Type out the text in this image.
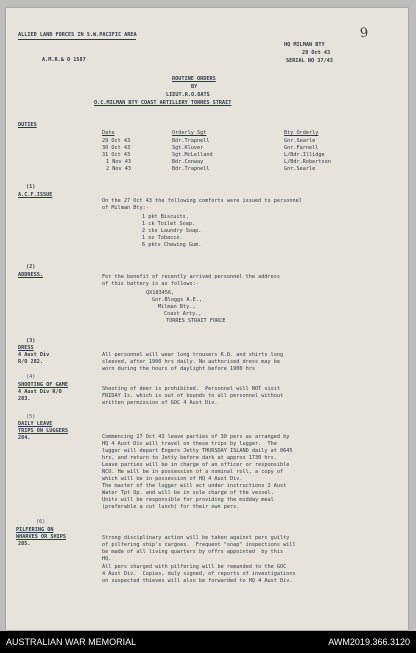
ALLIED LAND FORCES IN S.W.PACIFIC AREA
A.M.R.& O 1587
HQ MILMAN BTY
28 Oct 43
SERIAL NO 37/43
9
ROUTINE ORDERS
BY
LIEUT.R.O.OATS
O.C.MILMAN BTY COAST ARTILLERY TORRES STRAIT
DUTIES
Date	Orderly Sgt	Bty Orderly
29 Oct 43	Bdr.Trapnell	Gnr.Searle
30 Oct 43	Sgt.Kluver	Gnr.Farnell
31 Oct 43	Sgt.McLelland	L/Bdr.Illidge
1 Nov 43	Bdr.Conway	L/Bdr.Robertson
2 Nov 43	Bdr.Trapnell	Gnr.Searle
(1)
A.C.F.ISSUE
On the 27 Oct 43 the following comforts were issued to personnel
of Milman Bty:-
1 pkt Biscuits.
1 ck Toilet Soap.
2 cks Laundry Soap.
1 oz Tobacco.
6 pkts Chewing Gum.
(2)
ADDRESS.	For the benefit of recently arrived personnel the address
of this battery is as follows:-
QX183456,
Gnr.Bloggs A.E.,
Milman Bty.,
Coast Arty.,
TORRES STRAIT FORCE
(3)
DRESS
4 Aust Div
R/O 282.
All personnel will wear long trousers K.D. and shirts long
sleeved, after 1900 hrs daily. No authorised dress may be
worn during the hours of daylight before 1900 hrs
(4)
SHOOTING OF GAME
4 Aust Div R/O
283.
Shooting of deer is prohibited.  Personnel will NOT visit
FRIDAY Is. which is out of bounds to all personnel without
written permission of GOC 4 Aust Div.
(5)
DAILY LEAVE
TRIPS ON LUGGERS
284.	Commencing 27 Oct 43 leave parties of 30 pers as arranged by
HQ 4 Aust Div will travel on these trips by lugger.  The
lugger will depart Engers Jetty THURSDAY ISLAND daily at 0645
hrs, and return to Jetty before dark at approx 1730 hrs.
Leave parties will be in charge of an officer or responsible
NCO. He will be in possession of a nominal roll, a copy of
which will be in possession of HQ 4 Aust Div.
The master of the lugger will act under instructions 2 Aust
Water Tpt Op. and will be in sole charge of the vessel.
Units will be responsible for providing the midday meal
(preferable a cut lunch) for their own pers.
(6)
PILFERING ON
WHARVES OR SHIPS
285.
Strong disciplinary action will be taken against pers guilty
of pilfering ship's cargoes.  Frequent "snap" inspections will
be made of all living quarters by offrs appointed  by this
HQ.
All pers charged with pilfering will be remanded to the GOC
4 Aust Div.  Copies, duly signed, of reports of investigations
on suspected thieves will also be forwarded to HQ 4 Aust Div.
AUSTRALIAN WAR MEMORIAL	AWM2019.366.3120
